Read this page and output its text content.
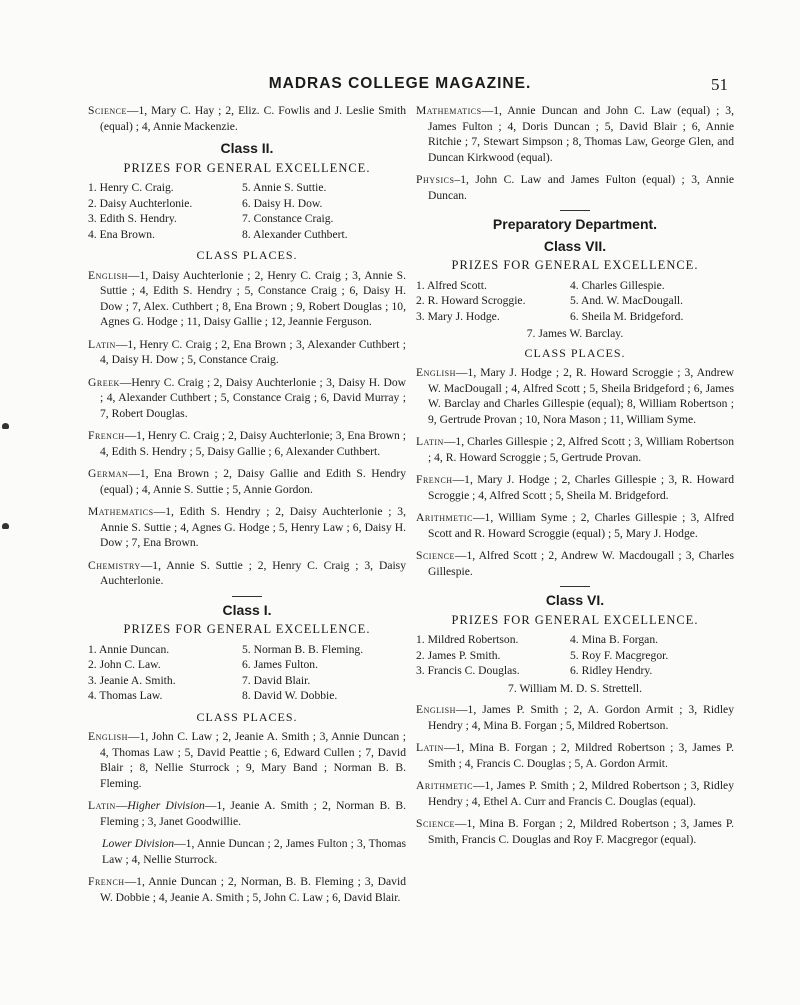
MADRAS COLLEGE MAGAZINE.	51

Science—1, Mary C. Hay ; 2, Eliz. C. Fowlis and J. Leslie Smith (equal) ; 4, Annie Mackenzie.

Class II.
PRIZES FOR GENERAL EXCELLENCE.
1. Henry C. Craig.	5. Annie S. Suttie.
2. Daisy Auchterlonie.	6. Daisy H. Dow.
3. Edith S. Hendry.	7. Constance Craig.
4. Ena Brown.	8. Alexander Cuthbert.
CLASS PLACES.

English—1, Daisy Auchterlonie ; 2, Henry C. Craig ; 3, Annie S. Suttie ; 4, Edith S. Hendry ; 5, Constance Craig ; 6, Daisy H. Dow ; 7, Alex. Cuthbert ; 8, Ena Brown ; 9, Robert Douglas ; 10, Agnes G. Hodge ; 11, Daisy Gallie ; 12, Jeannie Ferguson.

Latin—1, Henry C. Craig ; 2, Ena Brown ; 3, Alexander Cuthbert ; 4, Daisy H. Dow ; 5, Constance Craig.

Greek—Henry C. Craig ; 2, Daisy Auchterlonie ; 3, Daisy H. Dow ; 4, Alexander Cuthbert ; 5, Constance Craig ; 6, David Murray ; 7, Robert Douglas.

French—1, Henry C. Craig ; 2, Daisy Auchterlonie; 3, Ena Brown ; 4, Edith S. Hendry ; 5, Daisy Gallie ; 6, Alexander Cuthbert.

German—1, Ena Brown ; 2, Daisy Gallie and Edith S. Hendry (equal) ; 4, Annie S. Suttie ; 5, Annie Gordon.

Mathematics—1, Edith S. Hendry ; 2, Daisy Auchterlonie ; 3, Annie S. Suttie ; 4, Agnes G. Hodge ; 5, Henry Law ; 6, Daisy H. Dow ; 7, Ena Brown.

Chemistry—1, Annie S. Suttie ; 2, Henry C. Craig ; 3, Daisy Auchterlonie.

Class I.
PRIZES FOR GENERAL EXCELLENCE.
1. Annie Duncan.	5. Norman B. B. Fleming.
2. John C. Law.	6. James Fulton.
3. Jeanie A. Smith.	7. David Blair.
4. Thomas Law.	8. David W. Dobbie.
CLASS PLACES.

English—1, John C. Law ; 2, Jeanie A. Smith ; 3, Annie Duncan ; 4, Thomas Law ; 5, David Peattie ; 6, Edward Cullen ; 7, David Blair ; 8, Nellie Sturrock ; 9, Mary Band ; Norman B. B. Fleming.

Latin—Higher Division—1, Jeanie A. Smith ; 2, Norman B. B. Fleming ; 3, Janet Goodwillie.

Lower Division—1, Annie Duncan ; 2, James Fulton ; 3, Thomas Law ; 4, Nellie Sturrock.

French—1, Annie Duncan ; 2, Norman, B. B. Fleming ; 3, David W. Dobbie ; 4, Jeanie A. Smith ; 5, John C. Law ; 6, David Blair.

Mathematics—1, Annie Duncan and John C. Law (equal) ; 3, James Fulton ; 4, Doris Duncan ; 5, David Blair ; 6, Annie Ritchie ; 7, Stewart Simpson ; 8, Thomas Law, George Glen, and Duncan Kirkwood (equal).

Physics–1, John C. Law and James Fulton (equal) ; 3, Annie Duncan.

Preparatory Department.
Class VII.
PRIZES FOR GENERAL EXCELLENCE.
1. Alfred Scott.	4. Charles Gillespie.
2. R. Howard Scroggie.	5. And. W. MacDougall.
3. Mary J. Hodge.	6. Sheila M. Bridgeford.
7. James W. Barclay.
CLASS PLACES.

English—1, Mary J. Hodge ; 2, R. Howard Scroggie ; 3, Andrew W. MacDougall ; 4, Alfred Scott ; 5, Sheila Bridgeford ; 6, James W. Barclay and Charles Gillespie (equal); 8, William Robertson ; 9, Gertrude Provan ; 10, Nora Mason ; 11, William Syme.

Latin—1, Charles Gillespie ; 2, Alfred Scott ; 3, William Robertson ; 4, R. Howard Scroggie ; 5, Gertrude Provan.

French—1, Mary J. Hodge ; 2, Charles Gillespie ; 3, R. Howard Scroggie ; 4, Alfred Scott ; 5, Sheila M. Bridgeford.

Arithmetic—1, William Syme ; 2, Charles Gillespie ; 3, Alfred Scott and R. Howard Scroggie (equal) ; 5, Mary J. Hodge.

Science—1, Alfred Scott ; 2, Andrew W. Macdougall ; 3, Charles Gillespie.

Class VI.
PRIZES FOR GENERAL EXCELLENCE.
1. Mildred Robertson.	4. Mina B. Forgan.
2. James P. Smith.	5. Roy F. Macgregor.
3. Francis C. Douglas.	6. Ridley Hendry.
7. William M. D. S. Strettell.

English—1, James P. Smith ; 2, A. Gordon Armit ; 3, Ridley Hendry ; 4, Mina B. Forgan ; 5, Mildred Robertson.

Latin—1, Mina B. Forgan ; 2, Mildred Robertson ; 3, James P. Smith ; 4, Francis C. Douglas ; 5, A. Gordon Armit.

Arithmetic—1, James P. Smith ; 2, Mildred Robertson ; 3, Ridley Hendry ; 4, Ethel A. Curr and Francis C. Douglas (equal).

Science—1, Mina B. Forgan ; 2, Mildred Robertson ; 3, James P. Smith, Francis C. Douglas and Roy F. Macgregor (equal).
